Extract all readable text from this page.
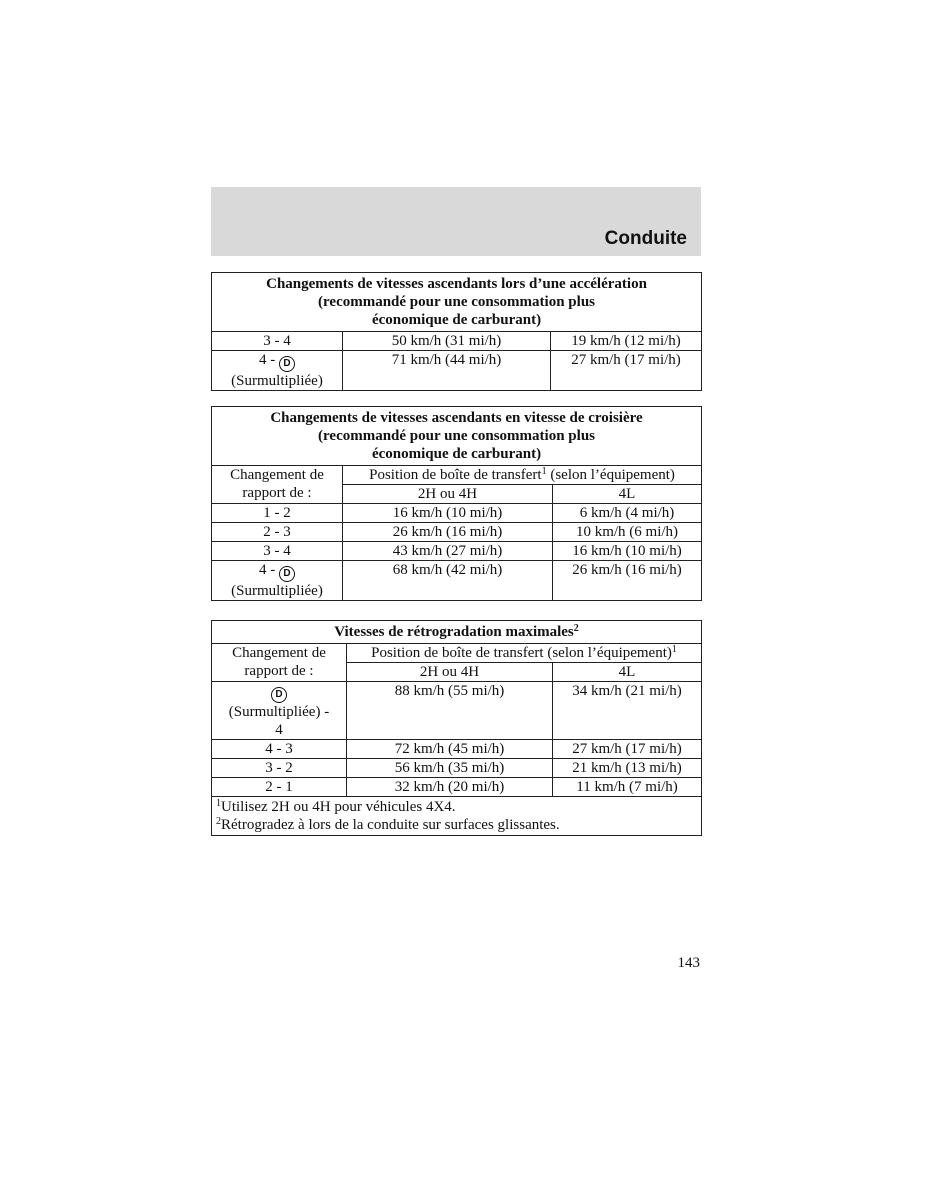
Conduite
Changements de vitesses ascendants lors d’une accélération
(recommandé pour une consommation plus
économique de carburant)		

3 - 4	50 km/h (31 mi/h)	19 km/h (12 mi/h)
4 - D
(Surmultipliée)	71 km/h (44 mi/h)	27 km/h (17 mi/h)
Changements de vitesses ascendants en vitesse de croisière
(recommandé pour une consommation plus
économique de carburant)		

Changement de
rapport de :	Position de boîte de transfert$^1$ (selon l’équipement)	
	2H ou 4H	4L
1 - 2	16 km/h (10 mi/h)	6 km/h (4 mi/h)
2 - 3	26 km/h (16 mi/h)	10 km/h (6 mi/h)
3 - 4	43 km/h (27 mi/h)	16 km/h (10 mi/h)
4 - D
(Surmultipliée)	68 km/h (42 mi/h)	26 km/h (16 mi/h)
Vitesses de rétrogradation maximales$^2$

Changement de
rapport de :	Position de boîte de transfert (selon l’équipement)$^1$
	2H ou 4H	4L

D
(Surmultipliée) -
4	88 km/h (55 mi/h)	34 km/h (21 mi/h)
4 - 3	72 km/h (45 mi/h)	27 km/h (17 mi/h)
3 - 2	56 km/h (35 mi/h)	21 km/h (13 mi/h)
2 - 1	32 km/h (20 mi/h)	11 km/h (7 mi/h)

$^1$Utilisez 2H ou 4H pour véhicules 4X4.
$^2$Rétrogradez à lors de la conduite sur surfaces glissantes.		
143
